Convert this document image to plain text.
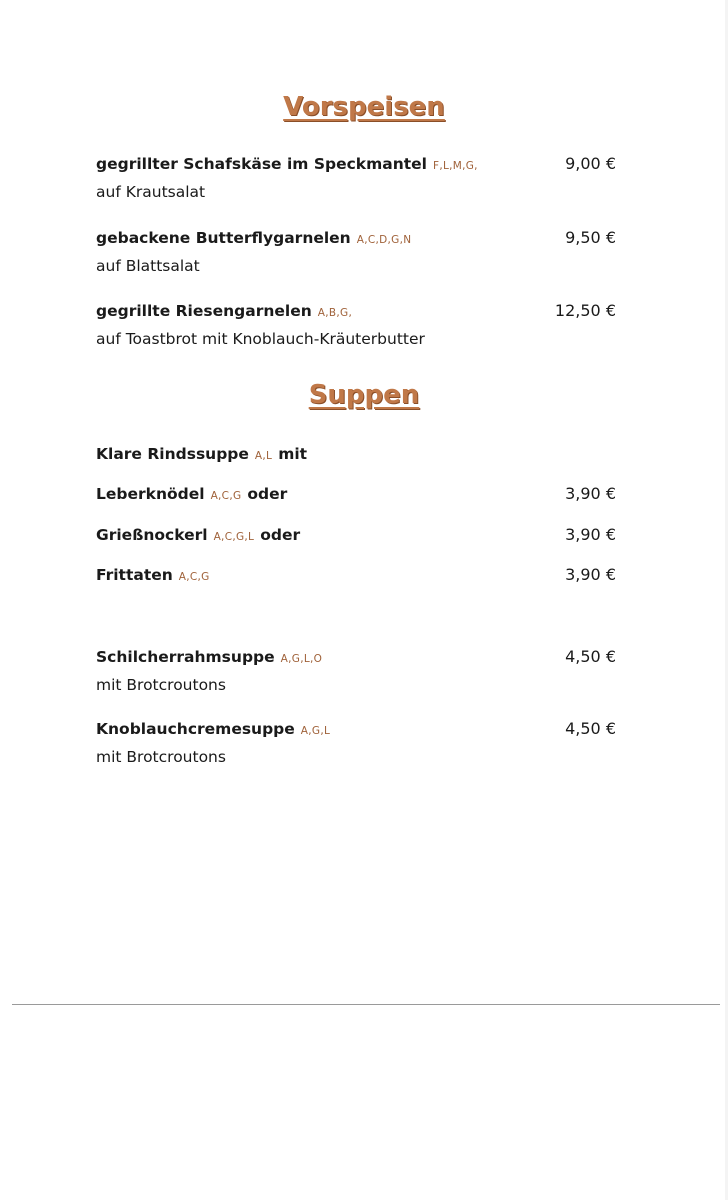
Vorspeisen
gegrillter Schafskäse im Speckmantel F,L,M,G,
auf Krautsalat
9,00 €
gebackene Butterflygarnelen A,C,D,G,N
auf Blattsalat
9,50 €
gegrillte Riesengarnelen A,B,G,
auf Toastbrot mit Knoblauch-Kräuterbutter
12,50 €
Suppen
Klare Rindssuppe A,L mit
Leberknödel A,C,G oder	3,90 €
Grießnockerl A,C,G,L oder	3,90 €
Frittaten A,C,G	3,90 €
Schilcherrahmsuppe A,G,L,O
mit Brotcroutons
4,50 €
Knoblauchcremesuppe A,G,L
mit Brotcroutons
4,50 €
